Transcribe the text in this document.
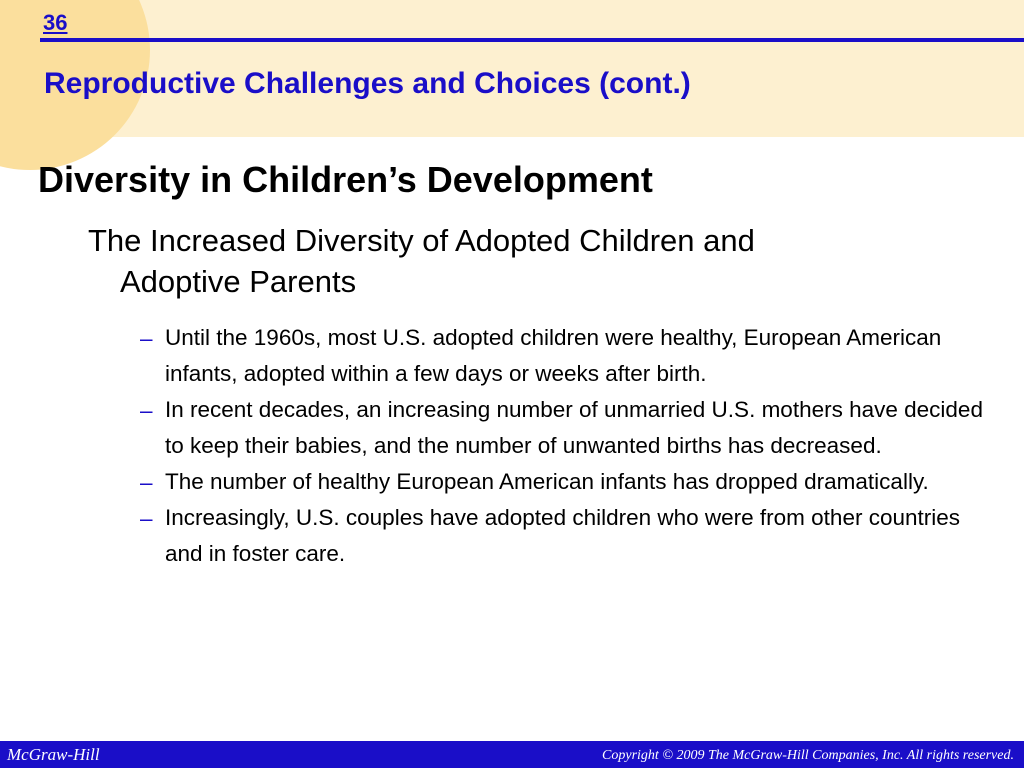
36
Reproductive Challenges and Choices (cont.)
Diversity in Children’s Development
The Increased Diversity of Adopted Children and
Adoptive Parents
– Until the 1960s, most U.S. adopted children were healthy, European American infants, adopted within a few days or weeks after birth.
– In recent decades, an increasing number of unmarried U.S. mothers have decided to keep their babies, and the number of unwanted births has decreased.
– The number of healthy European American infants has dropped dramatically.
– Increasingly, U.S. couples have adopted children who were from other countries and in foster care.
McGraw-Hill	Copyright © 2009 The McGraw-Hill Companies, Inc. All rights reserved.
